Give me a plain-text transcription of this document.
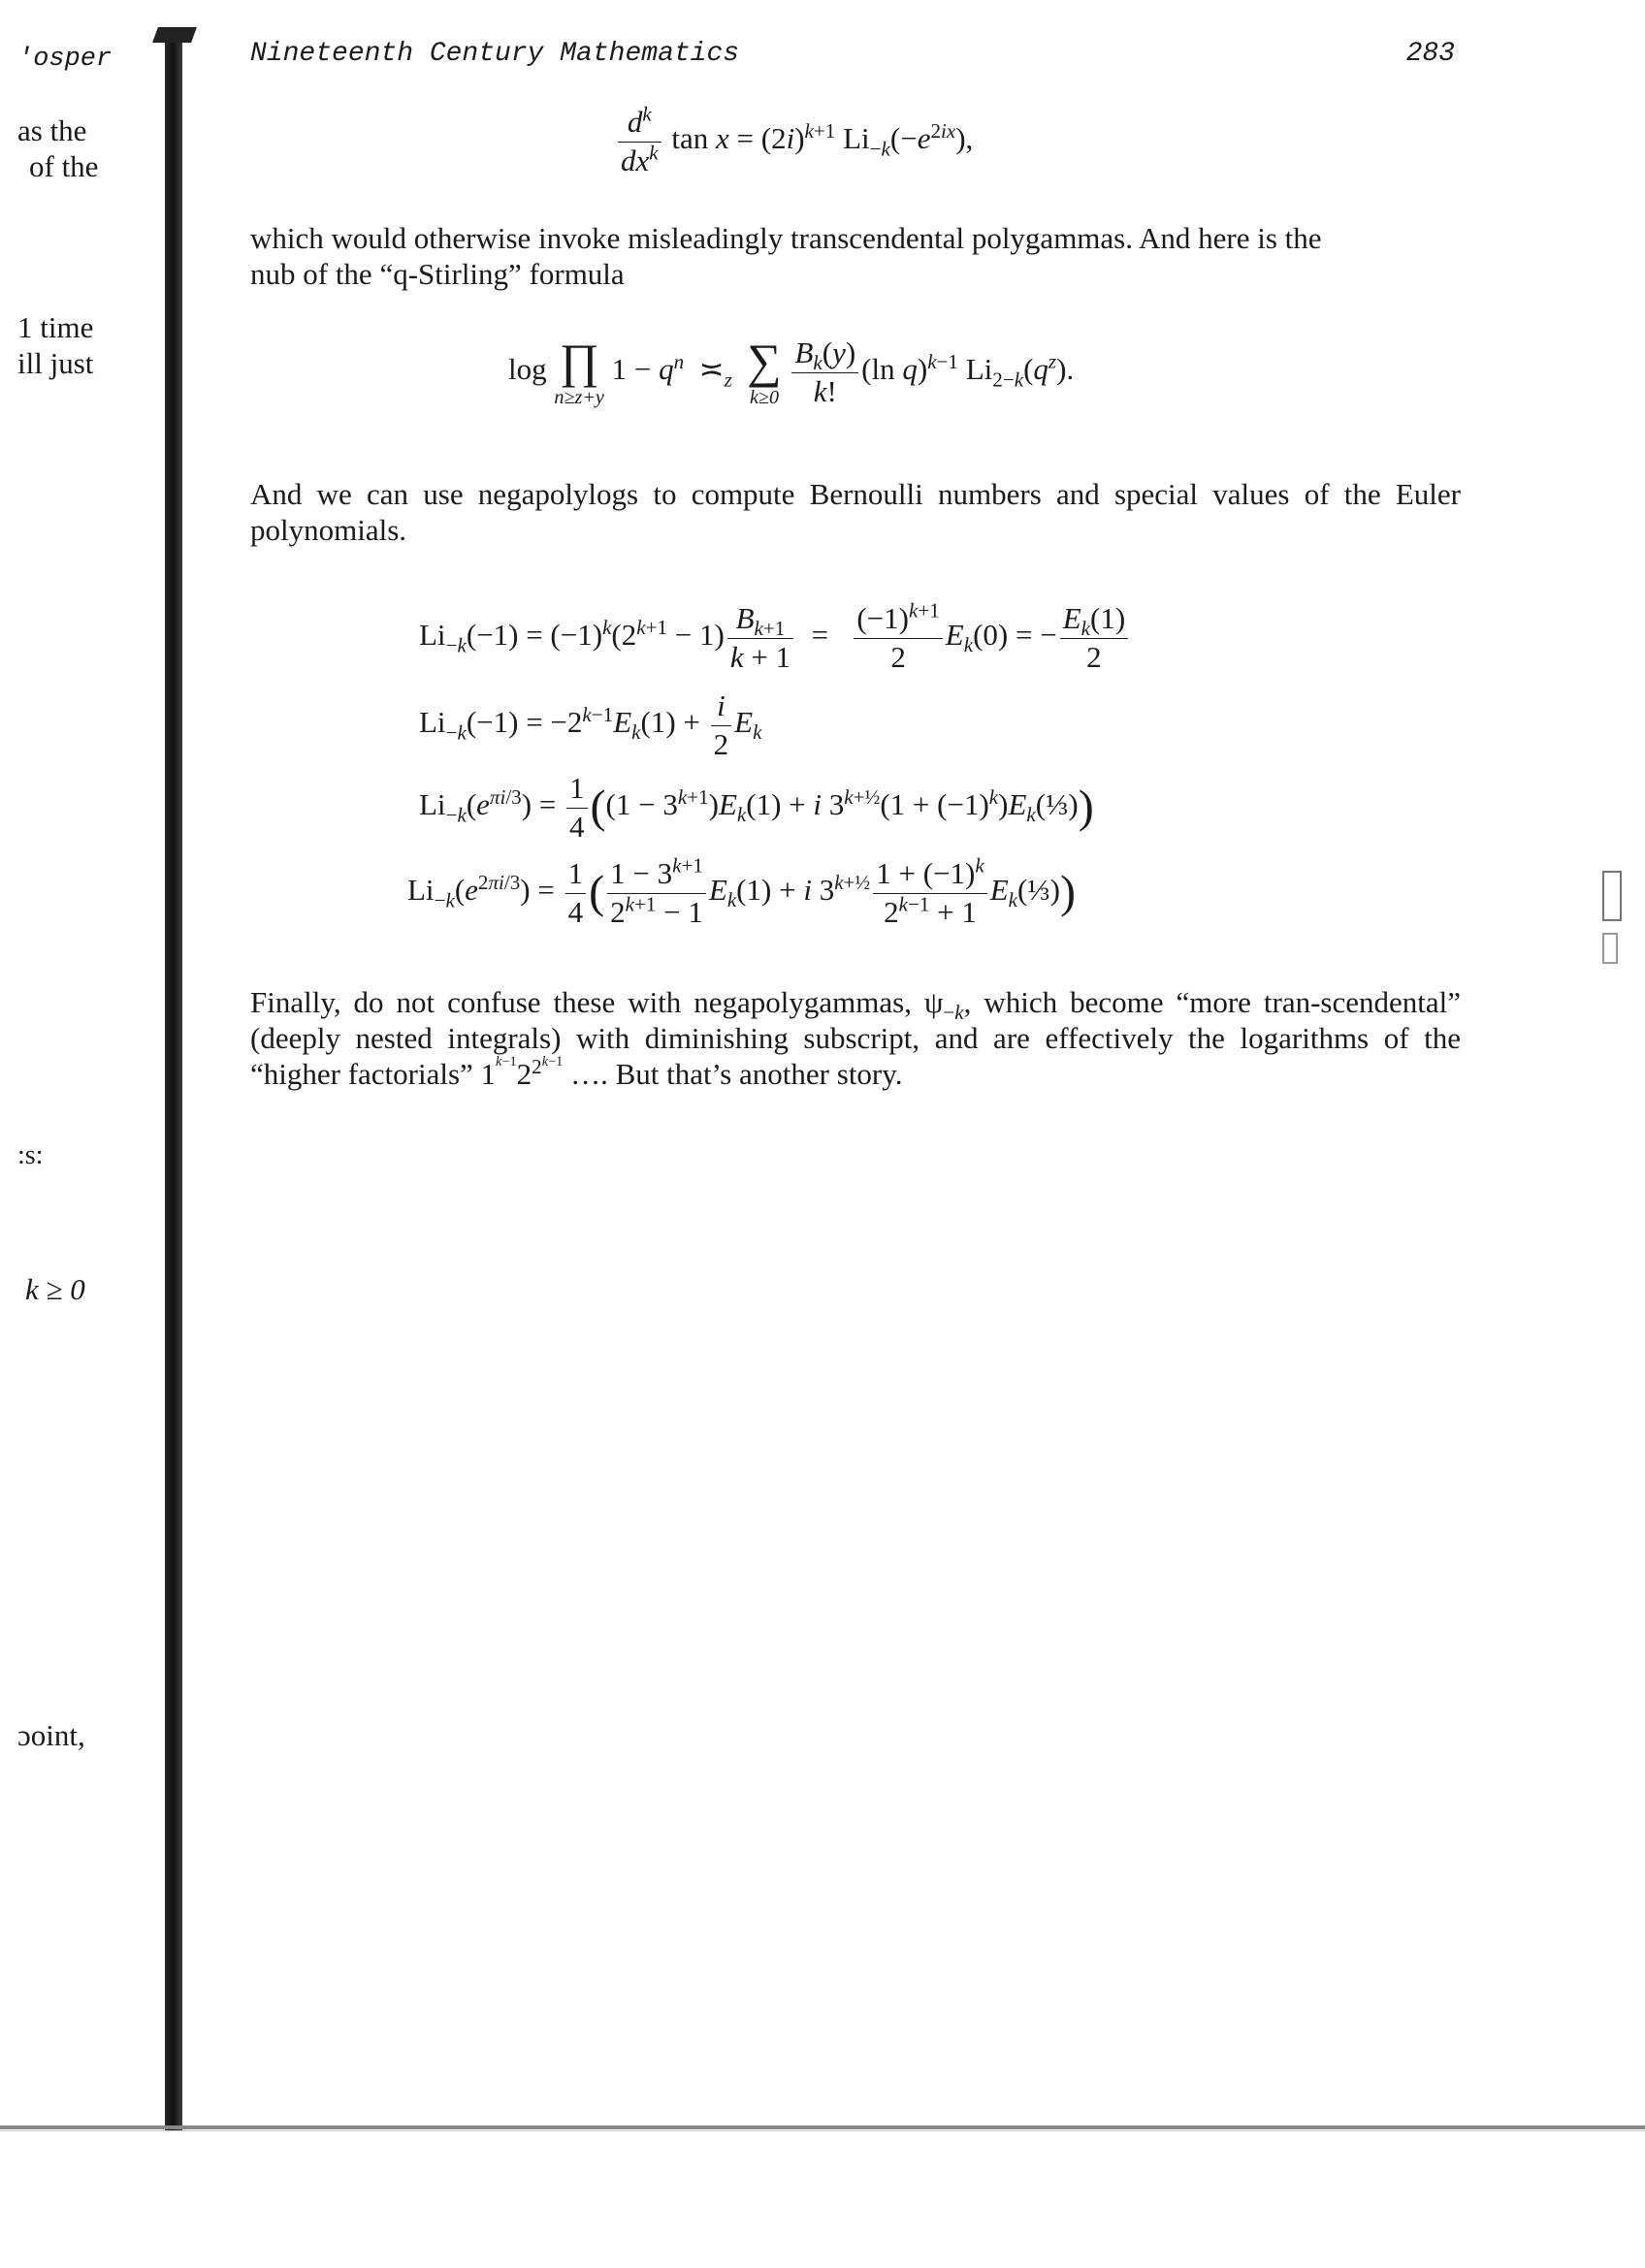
'osper
as the
of the
1 time
ill just
:s:
k ≥ 0
ɔoint,
Nineteenth Century Mathematics	283
$\frac{d^k}{dx^k}$ $\tan x = (2i)^{k+1}$ $Li_{-k}(-e^{2ix})$,
which would otherwise invoke misleadingly transcendental polygammas. And here is the
nub of the “q-Stirling” formula
log ∏
n≥z+y
$1 - q^n$  $≍_z$ ∑
k≥0
$\frac{B_k(y)}{k!} (\ln$ q)$^{k-1}$ $Li_{2-k}(q^z)$.
And we can use negapolylogs to compute Bernoulli numbers and special values of the Euler polynomials.
$Li_{-k}(-1) = (-1)^k(2^{k+1} - 1) \frac{B_{k+1}}{k + 1} = \frac{(-1)^{k+1}}{2} E_k(0)$ = − $\frac{E_k(1)}{2}$
$Li_{-k}(-1) = -2^{k-1}E_k(1) + \frac{i}{2} E_k$
$Li_{-k}(e^{\pi i/3}) = \frac{1}{4} ((1 - 3^{k+1})E_k(1) + i$ $3^{k+\frac{1}{2}}(1$ + $(-1)^k)E_k(\frac{1}{3})$)
$Li_{-k}(e^{2\pi i/3}) = \frac{1}{4}$ ( $\frac{1 - 3^{k+1}}{2^{k+1} - 1} E_k(1) + i$ $3^{k+\frac{1}{2}} \frac{1 + (-1)^k}{2^{k-1} + 1}$ $E_k(\frac{1}{3})$)
Finally, do not confuse these with negapolygammas, $\psi_{-k}$, which become “more tran-scendental” (deeply nested integrals) with diminishing subscript, and are effectively the logarithms of the “higher factorials” $1^{^{k-1}}2^{2^{k-1}}$ …. But that’s another story.
